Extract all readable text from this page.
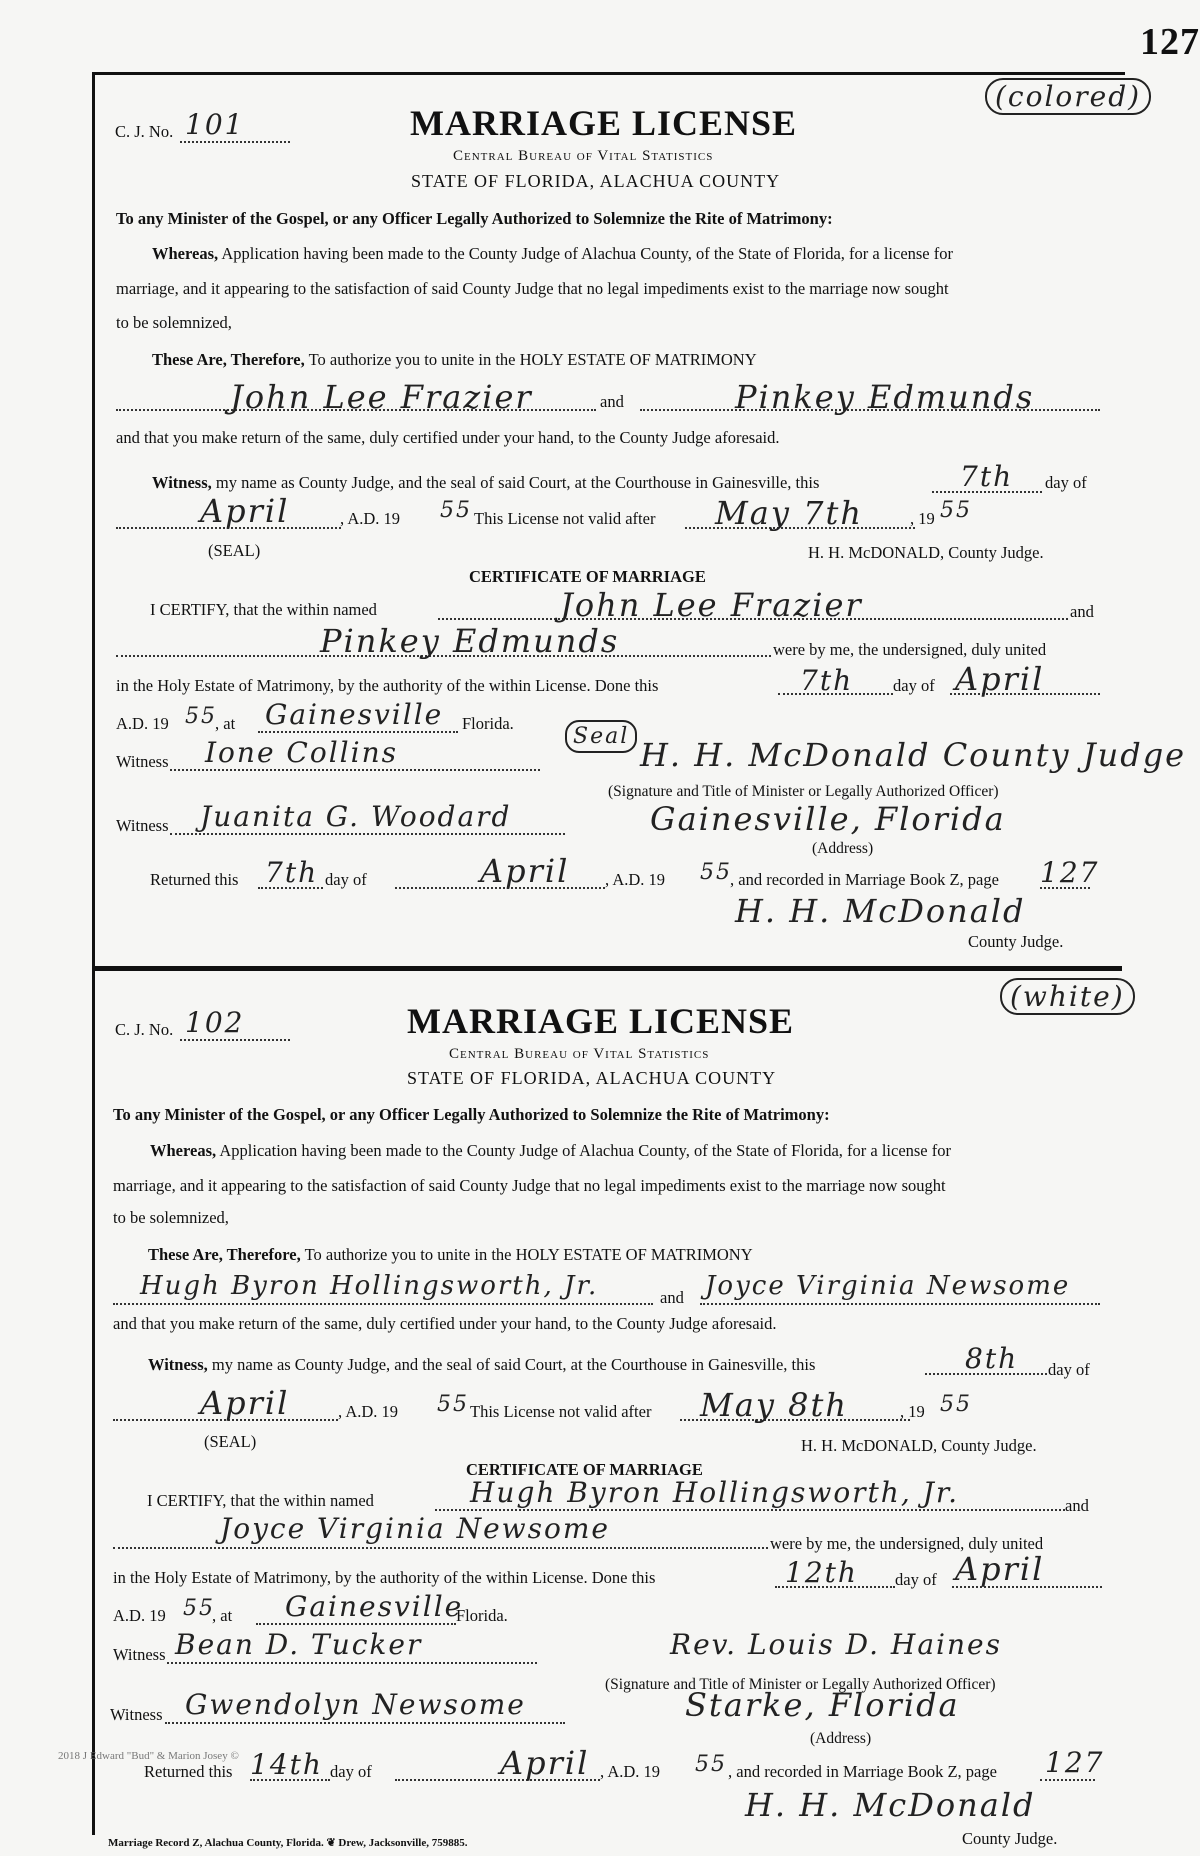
127
C. J. No. 101
(colored)
MARRIAGE LICENSE
Central Bureau of Vital Statistics
STATE OF FLORIDA, ALACHUA COUNTY
To any Minister of the Gospel, or any Officer Legally Authorized to Solemnize the Rite of Matrimony:
Whereas, Application having been made to the County Judge of Alachua County, of the State of Florida, for a license for
marriage, and it appearing to the satisfaction of said County Judge that no legal impediments exist to the marriage now sought
to be solemnized,
These Are, Therefore, To authorize you to unite in the HOLY ESTATE OF MATRIMONY
John Lee Frazier	and	Pinkey Edmunds
and that you make return of the same, duly certified under your hand, to the County Judge aforesaid.
Witness, my name as County Judge, and the seal of said Court, at the Courthouse in Gainesville, this	7th day of
April	, A.D. 19 55 This License not valid after May 7th	, 19 55
(SEAL)	H. H. McDONALD, County Judge.
CERTIFICATE OF MARRIAGE
I CERTIFY, that the within named	John Lee Frazier	and
Pinkey Edmunds	were by me, the undersigned, duly united
in the Holy Estate of Matrimony, by the authority of the within License. Done this	7th day of April
A.D. 19 55
, at Gainesville Florida.
Witness Ione Collins	Seal H. H. McDonald County Judge
(Signature and Title of Minister or Legally Authorized Officer)
Witness Juanita G. Woodard	Gainesville, Florida
(Address)
Returned this 7th day of	April , A.D. 19 55
, and recorded in Marriage Book Z, page 127
H. H. McDonald
County Judge.
C. J. No. 102
(white)
MARRIAGE LICENSE
Central Bureau of Vital Statistics
STATE OF FLORIDA, ALACHUA COUNTY
To any Minister of the Gospel, or any Officer Legally Authorized to Solemnize the Rite of Matrimony:
Whereas, Application having been made to the County Judge of Alachua County, of the State of Florida, for a license for
marriage, and it appearing to the satisfaction of said County Judge that no legal impediments exist to the marriage now sought
to be solemnized,
These Are, Therefore, To authorize you to unite in the HOLY ESTATE OF MATRIMONY
Hugh Byron Hollingsworth, Jr.	and Joyce Virginia Newsome
and that you make return of the same, duly certified under your hand, to the County Judge aforesaid.
Witness, my name as County Judge, and the seal of said Court, at the Courthouse in Gainesville, this	8th day of
April	, A.D. 19 55 This License not valid after May 8th	, 19 55
(SEAL)	H. H. McDONALD, County Judge.
CERTIFICATE OF MARRIAGE
I CERTIFY, that the within named	Hugh Byron Hollingsworth, Jr.	and
Joyce Virginia Newsome	were by me, the undersigned, duly united
in the Holy Estate of Matrimony, by the authority of the within License. Done this	12th day of April
A.D. 19 55
, at Gainesville
Florida.
Witness Bean D. Tucker	Rev. Louis D. Haines
(Signature and Title of Minister or Legally Authorized Officer)
Witness Gwendolyn Newsome	Starke, Florida
(Address)
2018 J Edward "Bud" & Marion Josey ©
Returned this 14th day of	April , A.D. 19 55 , and recorded in Marriage Book Z, page 127
H. H. McDonald
County Judge.
Marriage Record Z, Alachua County, Florida. ❦ Drew, Jacksonville, 759885.
